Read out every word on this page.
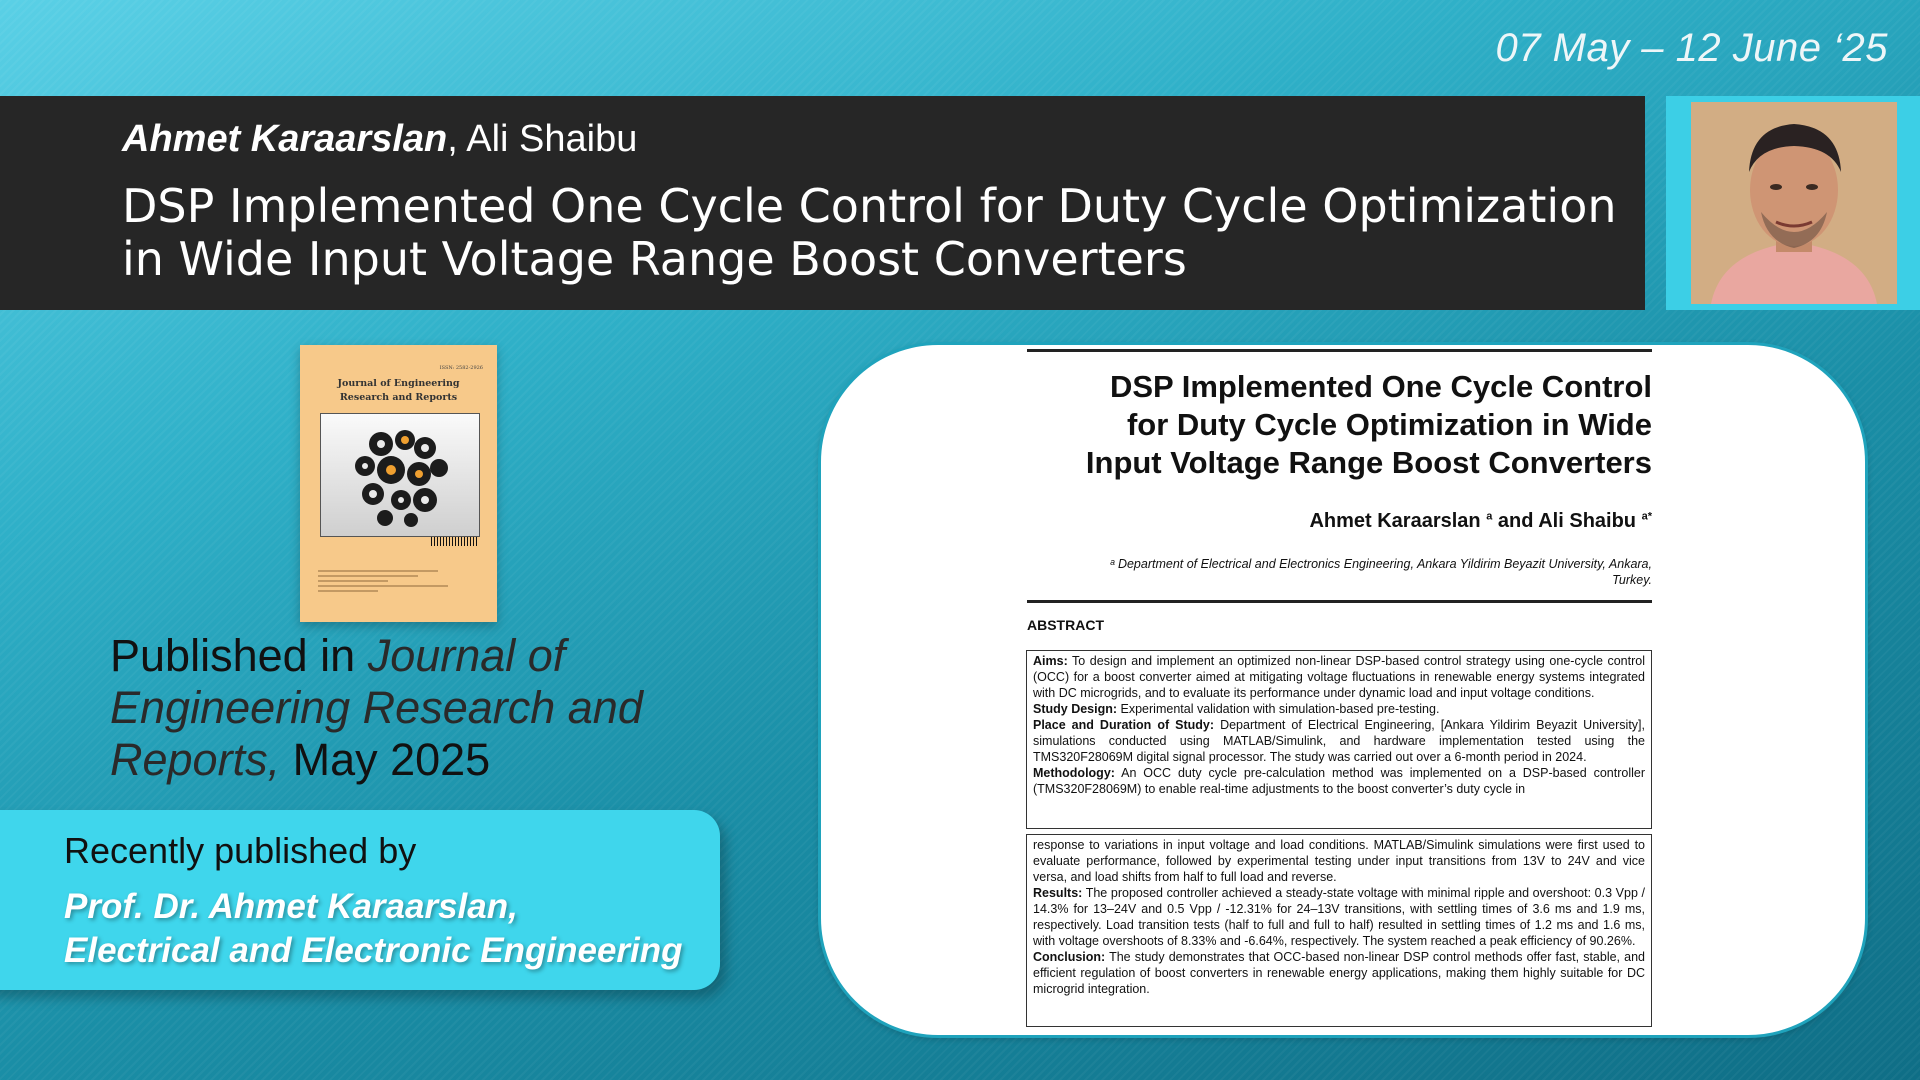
07 May – 12 June ‘25
Ahmet Karaarslan, Ali Shaibu
DSP Implemented One Cycle Control for Duty Cycle Optimization in Wide Input Voltage Range Boost Converters
ISSN: 2582-2926
Journal of Engineering
Research and Reports
Published in Journal of Engineering Research and Reports, May 2025
Recently published by
Prof. Dr. Ahmet Karaarslan,
Electrical and Electronic Engineering
DSP Implemented One Cycle Control
for Duty Cycle Optimization in Wide
Input Voltage Range Boost Converters
Ahmet Karaarslan $^a$ and Ali Shaibu $^{a*}$
ᵃ Department of Electrical and Electronics Engineering, Ankara Yildirim Beyazit University, Ankara,
Turkey.
ABSTRACT
Aims: To design and implement an optimized non-linear DSP-based control strategy using one-cycle control (OCC) for a boost converter aimed at mitigating voltage fluctuations in renewable energy systems integrated with DC microgrids, and to evaluate its performance under dynamic load and input voltage conditions.
Study Design: Experimental validation with simulation-based pre-testing.
Place and Duration of Study: Department of Electrical Engineering, [Ankara Yildirim Beyazit University], simulations conducted using MATLAB/Simulink, and hardware implementation tested using the TMS320F28069M digital signal processor. The study was carried out over a 6-month period in 2024.
Methodology: An OCC duty cycle pre-calculation method was implemented on a DSP-based controller (TMS320F28069M) to enable real-time adjustments to the boost converter’s duty cycle in
response to variations in input voltage and load conditions. MATLAB/Simulink simulations were first used to evaluate performance, followed by experimental testing under input transitions from 13V to 24V and vice versa, and load shifts from half to full load and reverse.
Results: The proposed controller achieved a steady-state voltage with minimal ripple and overshoot: 0.3 Vpp / 14.3% for 13–24V and 0.5 Vpp / -12.31% for 24–13V transitions, with settling times of 3.6 ms and 1.9 ms, respectively. Load transition tests (half to full and full to half) resulted in settling times of 1.2 ms and 1.6 ms, with voltage overshoots of 8.33% and -6.64%, respectively. The system reached a peak efficiency of 90.26%.
Conclusion: The study demonstrates that OCC-based non-linear DSP control methods offer fast, stable, and efficient regulation of boost converters in renewable energy applications, making them highly suitable for DC microgrid integration.
